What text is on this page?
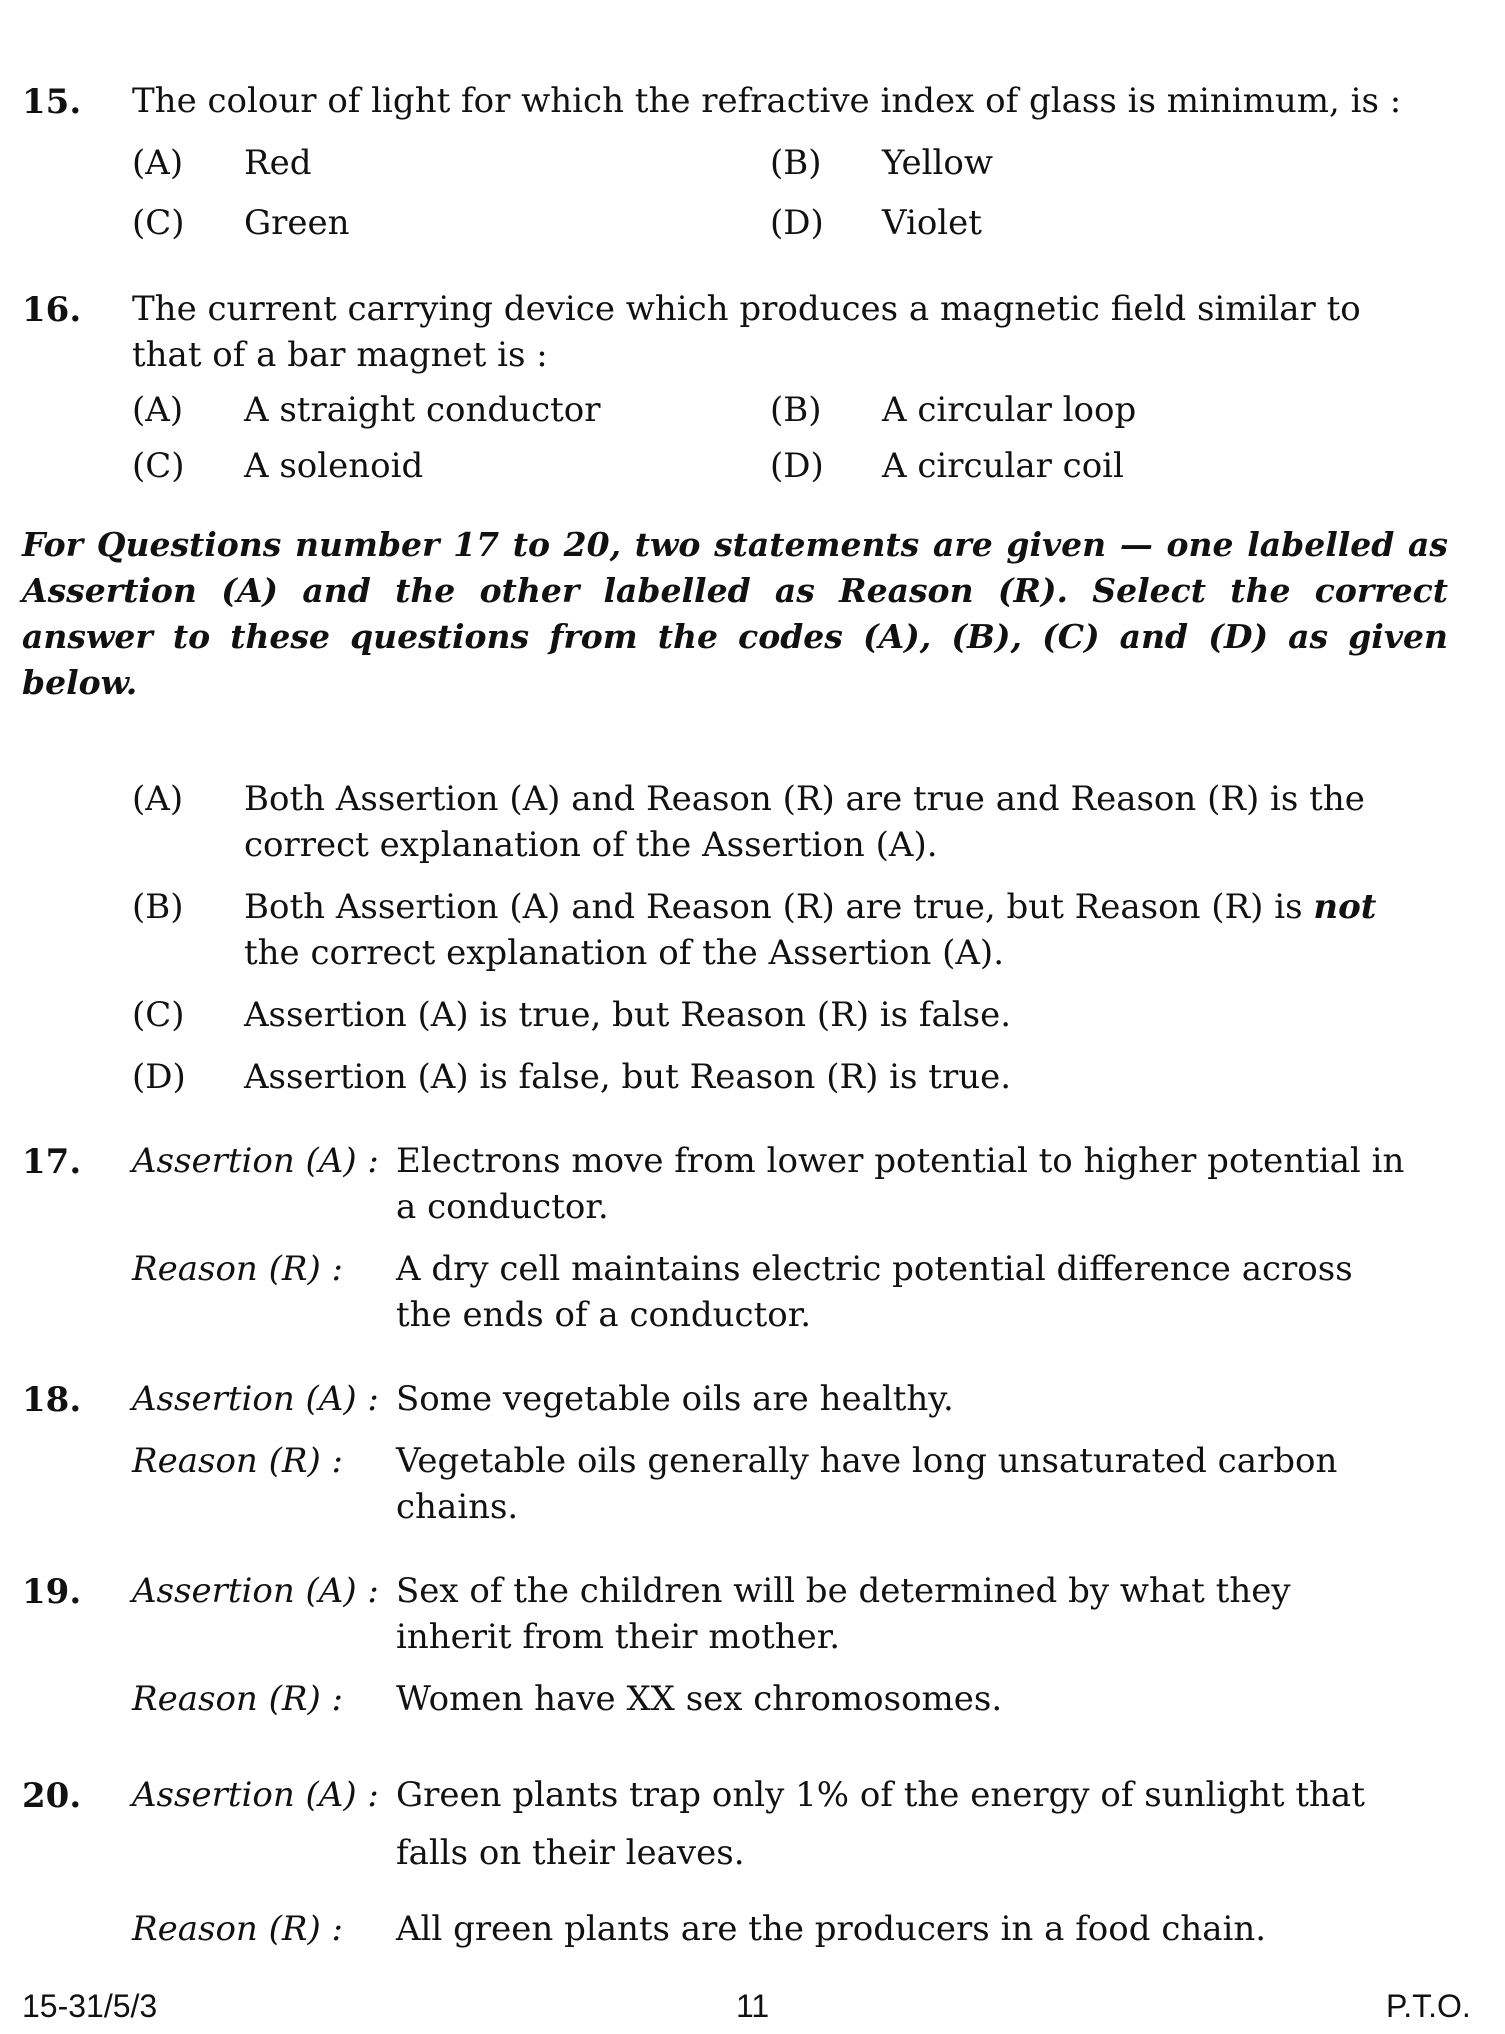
15. The colour of light for which the refractive index of glass is minimum, is :
(A) Red	(B) Yellow
(C) Green	(D) Violet
16. The current carrying device which produces a magnetic field similar to
that of a bar magnet is :
(A) A straight conductor	(B) A circular loop
(C) A solenoid	(D) A circular coil
For Questions number 17 to 20, two statements are given — one labelled as Assertion (A) and the other labelled as Reason (R). Select the correct answer to these questions from the codes (A), (B), (C) and (D) as given below.
(A) Both Assertion (A) and Reason (R) are true and Reason (R) is the
correct explanation of the Assertion (A).
(B) Both Assertion (A) and Reason (R) are true, but Reason (R) is not
the correct explanation of the Assertion (A).
(C) Assertion (A) is true, but Reason (R) is false.
(D) Assertion (A) is false, but Reason (R) is true.
17. Assertion (A) : Electrons move from lower potential to higher potential in
a conductor.
Reason (R) : A dry cell maintains electric potential difference across
the ends of a conductor.
18. Assertion (A) : Some vegetable oils are healthy.
Reason (R) : Vegetable oils generally have long unsaturated carbon
chains.
19. Assertion (A) : Sex of the children will be determined by what they
inherit from their mother.
Reason (R) : Women have XX sex chromosomes.
20. Assertion (A) : Green plants trap only 1% of the energy of sunlight that
falls on their leaves.
Reason (R) : All green plants are the producers in a food chain.
15-31/5/3	11	P.T.O.
